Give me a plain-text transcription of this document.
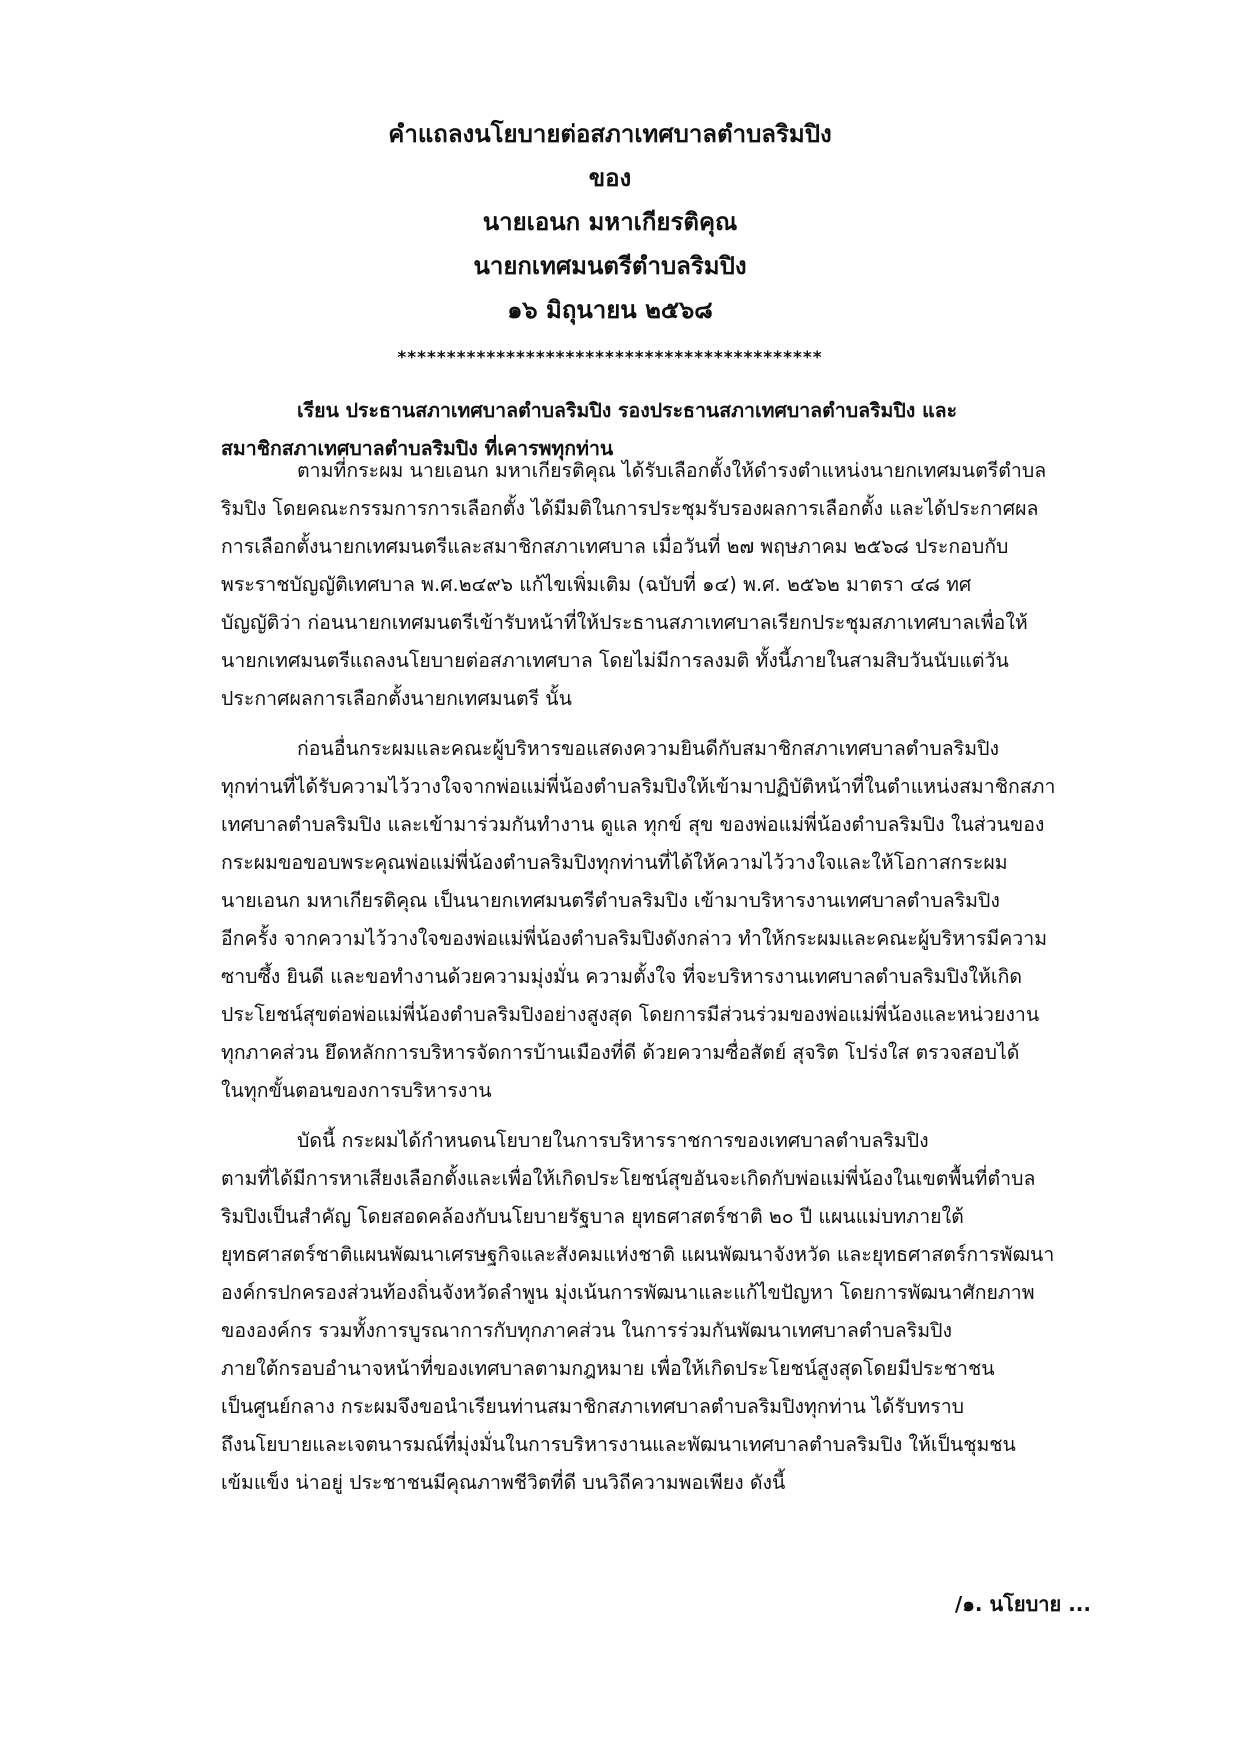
คำแถลงนโยบายต่อสภาเทศบาลตำบลริมปิง
ของ
นายเอนก มหาเกียรติคุณ
นายกเทศมนตรีตำบลริมปิง
๑๖ มิถุนายน ๒๕๖๘
*******************************************
เรียน ประธานสภาเทศบาลตำบลริมปิง รองประธานสภาเทศบาลตำบลริมปิง และ
สมาชิกสภาเทศบาลตำบลริมปิง ที่เคารพทุกท่าน
ตามที่กระผม นายเอนก มหาเกียรติคุณ ได้รับเลือกตั้งให้ดำรงตำแหน่งนายกเทศมนตรีตำบล
ริมปิง โดยคณะกรรมการการเลือกตั้ง ได้มีมติในการประชุมรับรองผลการเลือกตั้ง และได้ประกาศผล
การเลือกตั้งนายกเทศมนตรีและสมาชิกสภาเทศบาล เมื่อวันที่ ๒๗ พฤษภาคม ๒๕๖๘ ประกอบกับ
พระราชบัญญัติเทศบาล พ.ศ.๒๔๙๖ แก้ไขเพิ่มเติม (ฉบับที่ ๑๔) พ.ศ. ๒๕๖๒ มาตรา ๔๘ ทศ
บัญญัติว่า ก่อนนายกเทศมนตรีเข้ารับหน้าที่ให้ประธานสภาเทศบาลเรียกประชุมสภาเทศบาลเพื่อให้
นายกเทศมนตรีแถลงนโยบายต่อสภาเทศบาล โดยไม่มีการลงมติ ทั้งนี้ภายในสามสิบวันนับแต่วัน
ประกาศผลการเลือกตั้งนายกเทศมนตรี นั้น
ก่อนอื่นกระผมและคณะผู้บริหารขอแสดงความยินดีกับสมาชิกสภาเทศบาลตำบลริมปิง
ทุกท่านที่ได้รับความไว้วางใจจากพ่อแม่พี่น้องตำบลริมปิงให้เข้ามาปฏิบัติหน้าที่ในตำแหน่งสมาชิกสภา
เทศบาลตำบลริมปิง และเข้ามาร่วมกันทำงาน ดูแล ทุกข์ สุข ของพ่อแม่พี่น้องตำบลริมปิง ในส่วนของ
กระผมขอขอบพระคุณพ่อแม่พี่น้องตำบลริมปิงทุกท่านที่ได้ให้ความไว้วางใจและให้โอกาสกระผม
นายเอนก มหาเกียรติคุณ เป็นนายกเทศมนตรีตำบลริมปิง เข้ามาบริหารงานเทศบาลตำบลริมปิง
อีกครั้ง จากความไว้วางใจของพ่อแม่พี่น้องตำบลริมปิงดังกล่าว ทำให้กระผมและคณะผู้บริหารมีความ
ซาบซึ้ง ยินดี และขอทำงานด้วยความมุ่งมั่น ความตั้งใจ ที่จะบริหารงานเทศบาลตำบลริมปิงให้เกิด
ประโยชน์สุขต่อพ่อแม่พี่น้องตำบลริมปิงอย่างสูงสุด โดยการมีส่วนร่วมของพ่อแม่พี่น้องและหน่วยงาน
ทุกภาคส่วน ยึดหลักการบริหารจัดการบ้านเมืองที่ดี ด้วยความซื่อสัตย์ สุจริต โปร่งใส ตรวจสอบได้
ในทุกขั้นตอนของการบริหารงาน
บัดนี้ กระผมได้กำหนดนโยบายในการบริหารราชการของเทศบาลตำบลริมปิง
ตามที่ได้มีการหาเสียงเลือกตั้งและเพื่อให้เกิดประโยชน์สุขอันจะเกิดกับพ่อแม่พี่น้องในเขตพื้นที่ตำบล
ริมปิงเป็นสำคัญ โดยสอดคล้องกับนโยบายรัฐบาล ยุทธศาสตร์ชาติ ๒๐ ปี แผนแม่บทภายใต้
ยุทธศาสตร์ชาติแผนพัฒนาเศรษฐกิจและสังคมแห่งชาติ แผนพัฒนาจังหวัด และยุทธศาสตร์การพัฒนา
องค์กรปกครองส่วนท้องถิ่นจังหวัดลำพูน มุ่งเน้นการพัฒนาและแก้ไขปัญหา โดยการพัฒนาศักยภาพ
ขององค์กร รวมทั้งการบูรณาการกับทุกภาคส่วน ในการร่วมกันพัฒนาเทศบาลตำบลริมปิง
ภายใต้กรอบอำนาจหน้าที่ของเทศบาลตามกฎหมาย เพื่อให้เกิดประโยชน์สูงสุดโดยมีประชาชน
เป็นศูนย์กลาง กระผมจึงขอนำเรียนท่านสมาชิกสภาเทศบาลตำบลริมปิงทุกท่าน ได้รับทราบ
ถึงนโยบายและเจตนารมณ์ที่มุ่งมั่นในการบริหารงานและพัฒนาเทศบาลตำบลริมปิง ให้เป็นชุมชน
เข้มแข็ง น่าอยู่ ประชาชนมีคุณภาพชีวิตที่ดี บนวิถีความพอเพียง ดังนี้
/๑. นโยบาย ...
